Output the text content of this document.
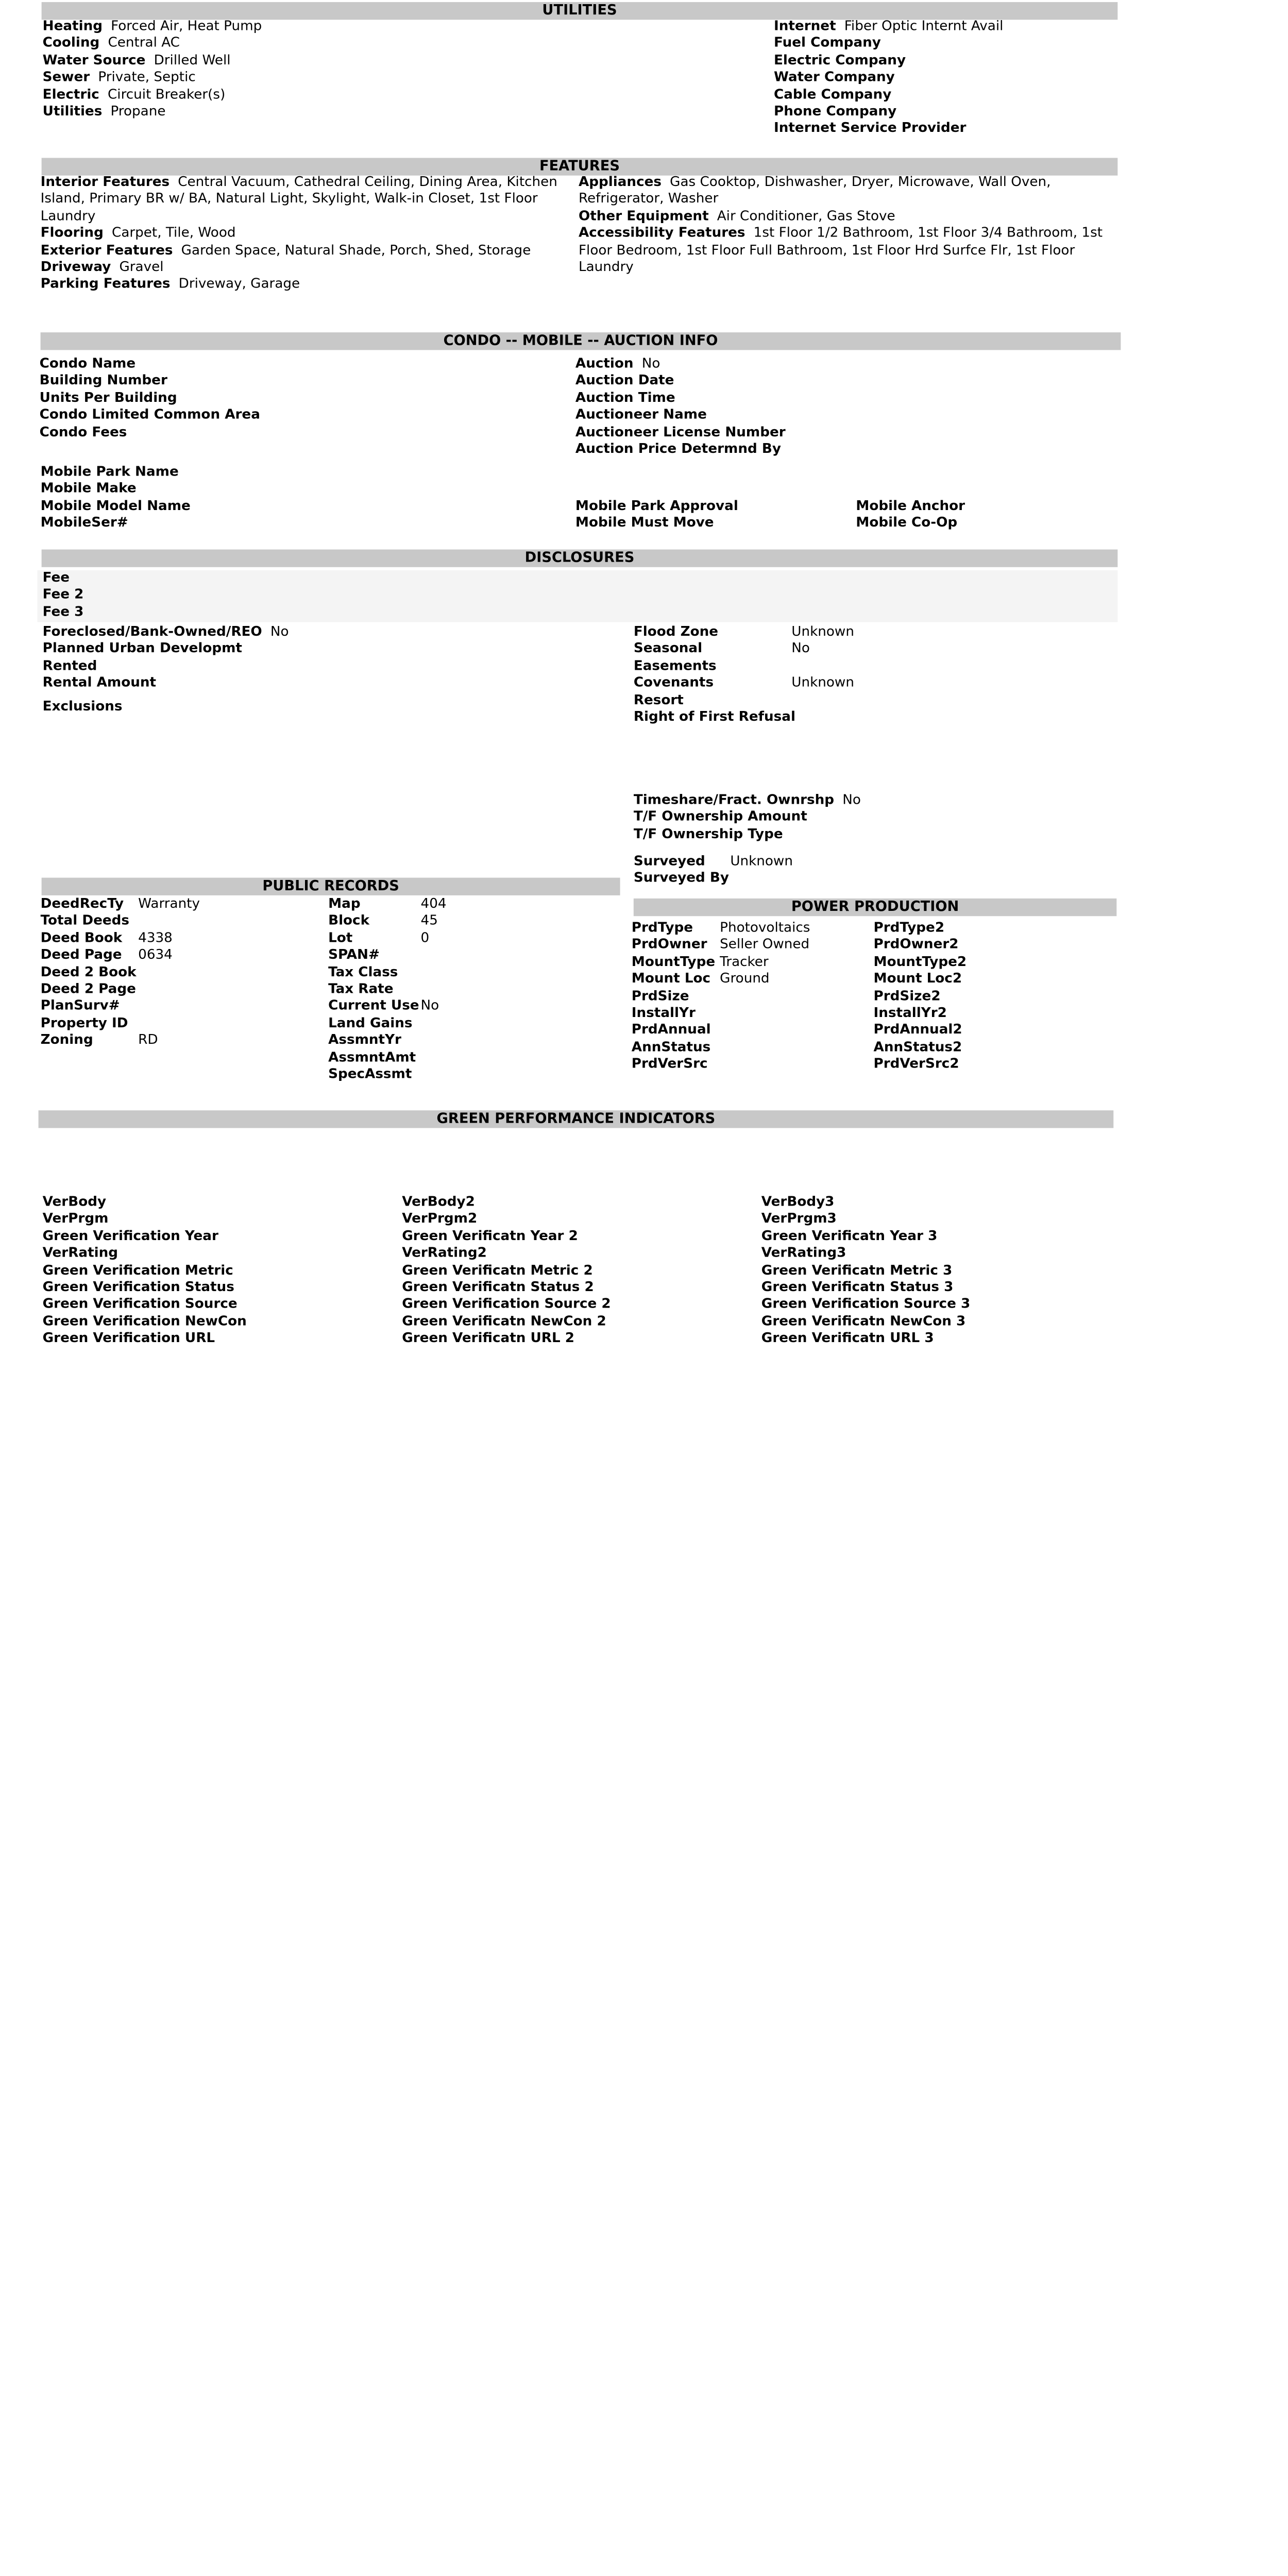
UTILITIES
Heating Forced Air, Heat Pump
Cooling Central AC
Water Source Drilled Well
Sewer Private, Septic
Electric Circuit Breaker(s)
Utilities Propane
Internet Fiber Optic Internt Avail
Fuel Company
Electric Company
Water Company
Cable Company
Phone Company
Internet Service Provider
FEATURES
Interior Features Central Vacuum, Cathedral Ceiling, Dining Area, Kitchen Island, Primary BR w/ BA, Natural Light, Skylight, Walk-in Closet, 1st Floor Laundry
Flooring Carpet, Tile, Wood
Exterior Features Garden Space, Natural Shade, Porch, Shed, Storage
Driveway Gravel
Parking Features Driveway, Garage
Appliances Gas Cooktop, Dishwasher, Dryer, Microwave, Wall Oven, Refrigerator, Washer
Other Equipment Air Conditioner, Gas Stove
Accessibility Features 1st Floor 1/2 Bathroom, 1st Floor 3/4 Bathroom, 1st Floor Bedroom, 1st Floor Full Bathroom, 1st Floor Hrd Surfce Flr, 1st Floor Laundry
CONDO -- MOBILE -- AUCTION INFO
Condo Name
Building Number
Units Per Building
Condo Limited Common Area
Condo Fees
Auction No
Auction Date
Auction Time
Auctioneer Name
Auctioneer License Number
Auction Price Determnd By
Mobile Park Name
Mobile Make
Mobile Model Name
MobileSer#
Mobile Park Approval
Mobile Must Move
Mobile Anchor
Mobile Co-Op
DISCLOSURES
Fee
Fee 2
Fee 3
Foreclosed/Bank-Owned/REO No
Planned Urban Developmt
Rented
Rental Amount
Exclusions
Flood Zone	Unknown
Seasonal	No
Easements
Covenants	Unknown
Resort
Right of First Refusal
Timeshare/Fract. Ownrshp No
T/F Ownership Amount
T/F Ownership Type
Surveyed	Unknown
Surveyed By
PUBLIC RECORDS
DeedRecTy Warranty
Total Deeds
Deed Book 4338
Deed Page 0634
Deed 2 Book
Deed 2 Page
PlanSurv#
Property ID
Zoning	RD
Map	404
Block	45
Lot	0
SPAN#
Tax Class
Tax Rate
Current Use No
Land Gains
AssmntYr
AssmntAmt
SpecAssmt
POWER PRODUCTION
PrdType	Photovoltaics
PrdOwner Seller Owned
MountType Tracker
Mount Loc Ground
PrdSize
InstallYr
PrdAnnual
AnnStatus
PrdVerSrc
PrdType2
PrdOwner2
MountType2
Mount Loc2
PrdSize2
InstallYr2
PrdAnnual2
AnnStatus2
PrdVerSrc2
GREEN PERFORMANCE INDICATORS
VerBody
VerPrgm
Green Verification Year
VerRating
Green Verification Metric
Green Verification Status
Green Verification Source
Green Verification NewCon
Green Verification URL
VerBody2
VerPrgm2
Green Verificatn Year 2
VerRating2
Green Verificatn Metric 2
Green Verificatn Status 2
Green Verification Source 2
Green Verificatn NewCon 2
Green Verificatn URL 2
VerBody3
VerPrgm3
Green Verificatn Year 3
VerRating3
Green Verificatn Metric 3
Green Verificatn Status 3
Green Verification Source 3
Green Verificatn NewCon 3
Green Verificatn URL 3
